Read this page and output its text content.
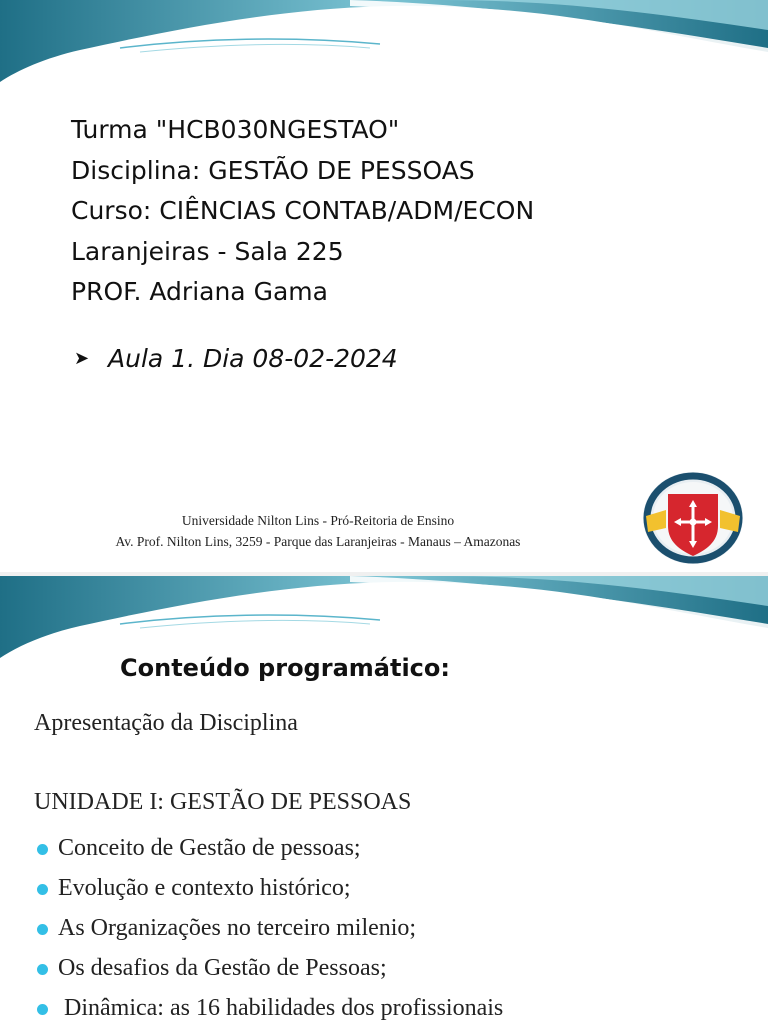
Turma "HCB030NGESTAO"
Disciplina: GESTÃO DE PESSOAS
Curso: CIÊNCIAS CONTAB/ADM/ECON
Laranjeiras - Sala 225
PROF. Adriana Gama
➤ Aula 1. Dia 08-02-2024
Universidade Nilton Lins - Pró-Reitoria de Ensino
Av. Prof. Nilton Lins, 3259 - Parque das Laranjeiras - Manaus – Amazonas
Conteúdo programático:
Apresentação da Disciplina
UNIDADE I: GESTÃO DE PESSOAS
Conceito de Gestão de pessoas;
Evolução e contexto histórico;
As Organizações no terceiro milenio;
Os desafios da Gestão de Pessoas;
Dinâmica: as 16 habilidades dos profissionais
